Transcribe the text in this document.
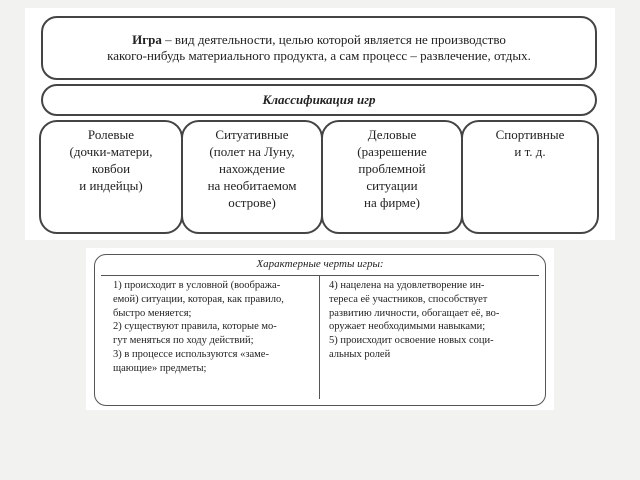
Игра – вид деятельности, целью которой является не производство
какого-нибудь материального продукта, а сам процесс – развлечение, отдых.
Классификация игр
Ролевые
(дочки-матери,
ковбои
и индейцы)
Ситуативные
(полет на Луну,
нахождение
на необитаемом
острове)
Деловые
(разрешение
проблемной
ситуации
на фирме)
Спортивные
и т. д.
Характерные черты игры:
1) происходит в условной (вообража-
емой) ситуации, которая, как правило,
быстро меняется;
2) существуют правила, которые мо-
гут меняться по ходу действий;
3) в процессе используются «заме-
щающие» предметы;
4) нацелена на удовлетворение ин-
тереса её участников, способствует
развитию личности, обогащает её, во-
оружает необходимыми навыками;
5) происходит освоение новых соци-
альных ролей
